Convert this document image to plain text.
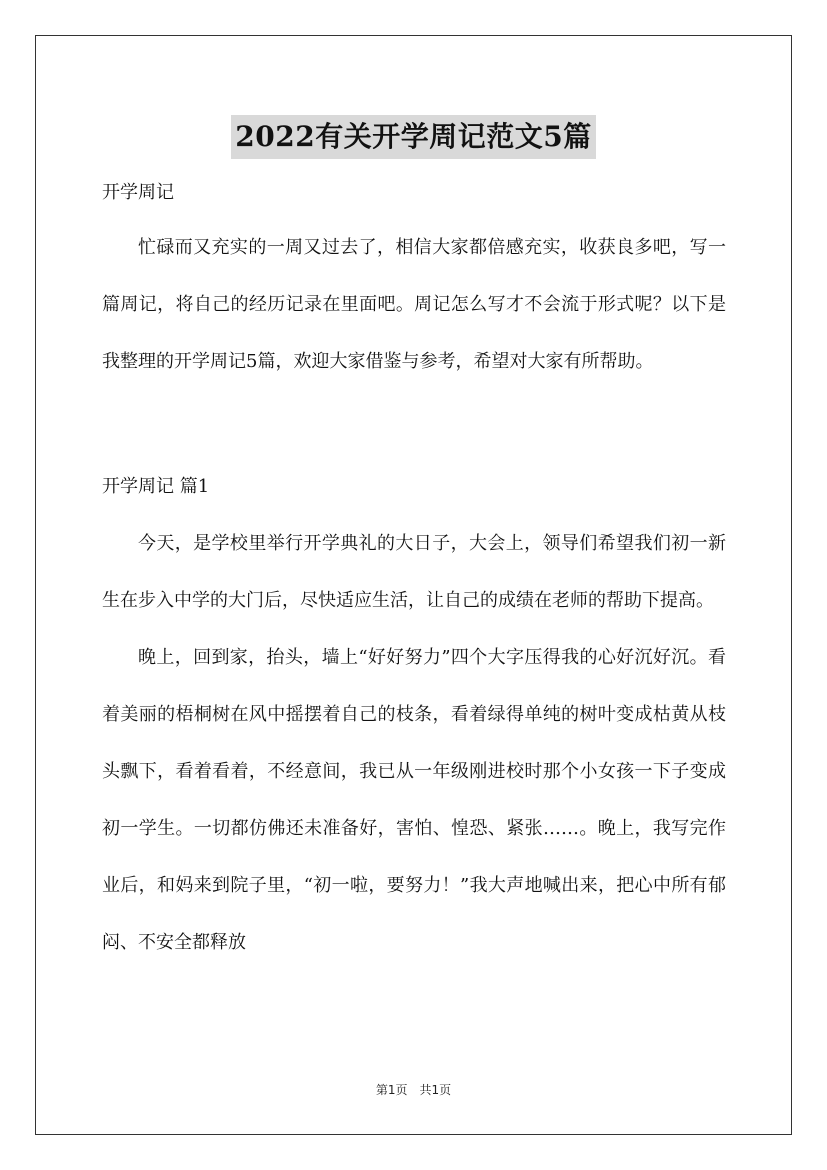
2022有关开学周记范文5篇

开学周记

忙碌而又充实的一周又过去了，相信大家都倍感充实，收获良多吧，写一篇周记，将自己的经历记录在里面吧。周记怎么写才不会流于形式呢？以下是我整理的开学周记5篇，欢迎大家借鉴与参考，希望对大家有所帮助。

开学周记 篇1

今天，是学校里举行开学典礼的大日子，大会上，领导们希望我们初一新生在步入中学的大门后，尽快适应生活，让自己的成绩在老师的帮助下提高。

晚上，回到家，抬头，墙上“好好努力”四个大字压得我的心好沉好沉。看着美丽的梧桐树在风中摇摆着自己的枝条，看着绿得单纯的树叶变成枯黄从枝头飘下，看着看着，不经意间，我已从一年级刚进校时那个小女孩一下子变成初一学生。一切都仿佛还未准备好，害怕、惶恐、紧张……。晚上，我写完作业后，和妈来到院子里，“初一啦，要努力！”我大声地喊出来，把心中所有郁闷、不安全都释放

第1页 共1页
